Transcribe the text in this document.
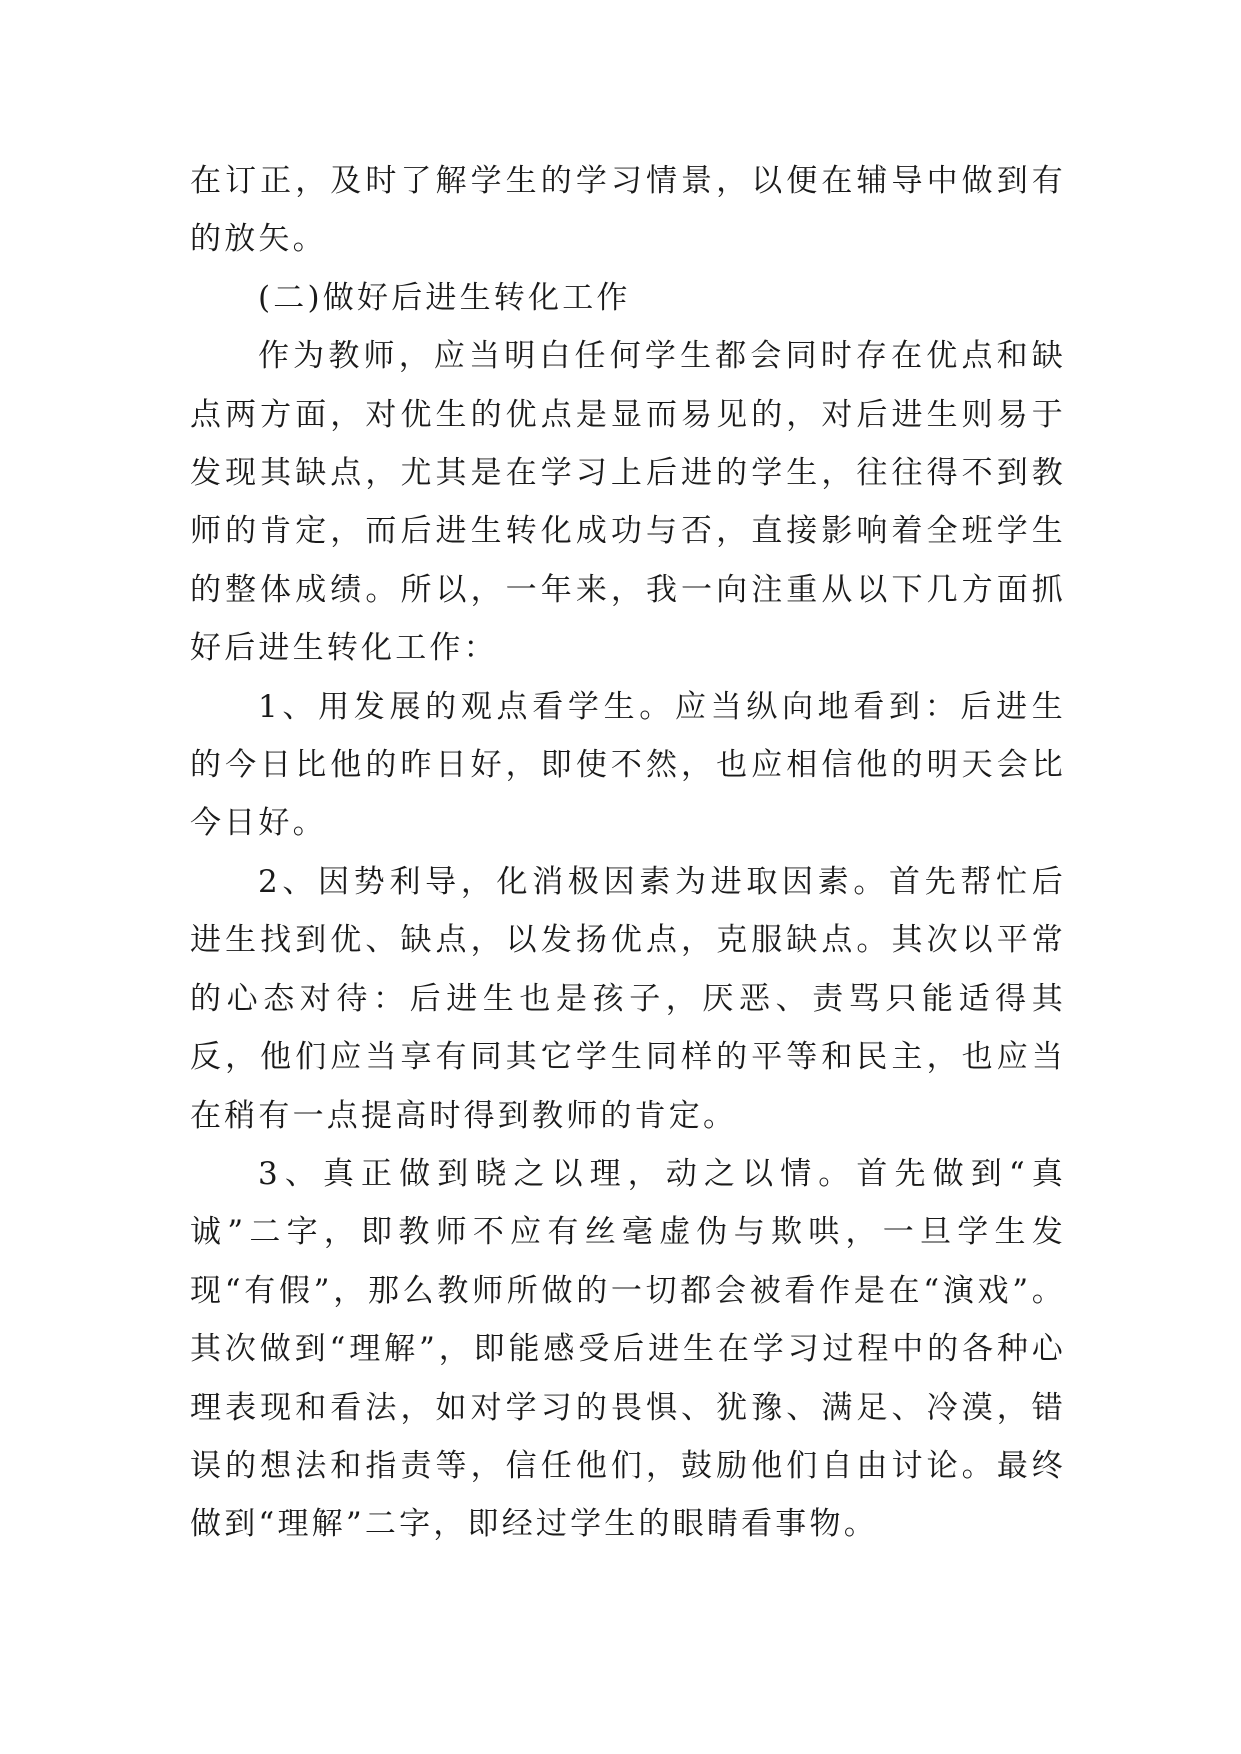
在订正，及时了解学生的学习情景，以便在辅导中做到有的放矢。

(二)做好后进生转化工作

作为教师，应当明白任何学生都会同时存在优点和缺点两方面，对优生的优点是显而易见的，对后进生则易于发现其缺点，尤其是在学习上后进的学生，往往得不到教师的肯定，而后进生转化成功与否，直接影响着全班学生的整体成绩。所以，一年来，我一向注重从以下几方面抓好后进生转化工作：

1、用发展的观点看学生。应当纵向地看到：后进生的今日比他的昨日好，即使不然，也应相信他的明天会比今日好。

2、因势利导，化消极因素为进取因素。首先帮忙后进生找到优、缺点，以发扬优点，克服缺点。其次以平常的心态对待：后进生也是孩子，厌恶、责骂只能适得其反，他们应当享有同其它学生同样的平等和民主，也应当在稍有一点提高时得到教师的肯定。

3、真正做到晓之以理，动之以情。首先做到“真诚”二字，即教师不应有丝毫虚伪与欺哄，一旦学生发现“有假”，那么教师所做的一切都会被看作是在“演戏”。其次做到“理解”，即能感受后进生在学习过程中的各种心理表现和看法，如对学习的畏惧、犹豫、满足、冷漠，错误的想法和指责等，信任他们，鼓励他们自由讨论。最终做到“理解”二字，即经过学生的眼睛看事物。
